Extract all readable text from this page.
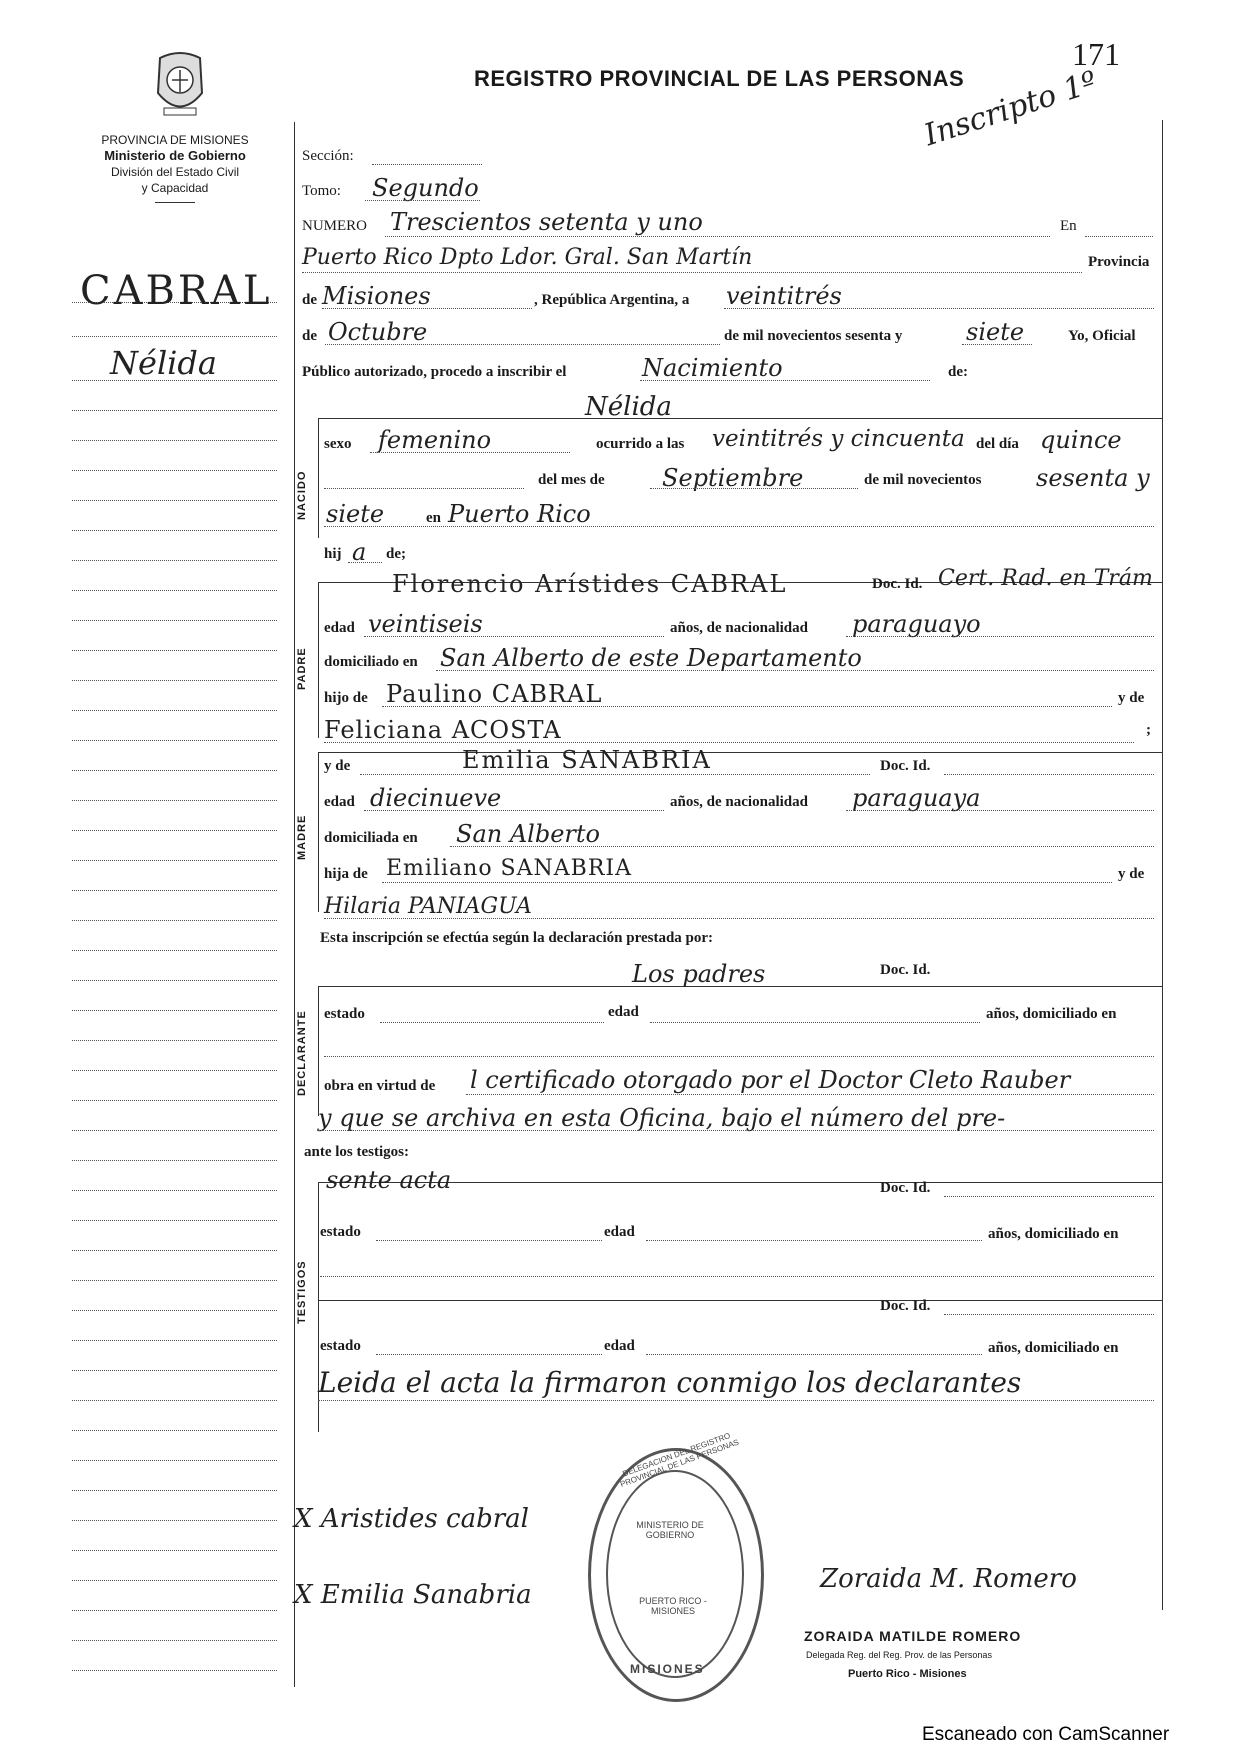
PROVINCIA DE MISIONES
Ministerio de Gobierno
División del Estado Civil
y Capacidad
REGISTRO PROVINCIAL DE LAS PERSONAS
171
Inscripto 1º
CABRAL
Nélida
Sección:
Tomo: Segundo
NUMERO Trescientos setenta y uno	En
Puerto Rico Dpto Ldor. Gral. San Martín	Provincia
de Misiones	, República Argentina, a veintitrés
de Octubre	de mil novecientos sesenta y	siete	Yo, Oficial
Público autorizado, procedo a inscribir el	Nacimiento	de:
NACIDO
Nélida
sexo femenino	ocurrido a las veintitrés y cincuenta del día quince
del mes de Septiembre	de mil novecientos sesenta y
siete	en Puerto Rico
hij a de;
PADRE
Florencio Arístides CABRAL	Doc. Id. Cert. Rad. en Trám
edad veintiseis	años, de nacionalidad paraguayo
domiciliado en San Alberto de este Departamento
hijo de Paulino CABRAL	y de
Feliciana ACOSTA	;
MADRE
y de	Emilia SANABRIA	Doc. Id.
edad diecinueve	años, de nacionalidad paraguaya
domiciliada en San Alberto
hija de Emiliano SANABRIA	y de
Hilaria PANIAGUA
Esta inscripción se efectúa según la declaración prestada por:
DECLARANTE
Los padres	Doc. Id.
estado	edad	años, domiciliado en
obra en virtud de l certificado otorgado por el Doctor Cleto Rauber
y que se archiva en esta Oficina, bajo el número del pre-
ante los testigos:
TESTIGOS
sente acta	Doc. Id.
estado	edad	años, domiciliado en
Doc. Id.
estado	edad	años, domiciliado en
Leida el acta la firmaron conmigo los declarantes
X Aristides cabral
X Emilia Sanabria
Zoraida M. Romero
ZORAIDA MATILDE ROMERO
Delegada Reg. del Reg. Prov. de las Personas
Puerto Rico - Misiones
DELEGACION DEL REGISTRO PROVINCIAL DE LAS PERSONAS
MINISTERIO DE GOBIERNO
PUERTO RICO - MISIONES
MISIONES
Escaneado con CamScanner
